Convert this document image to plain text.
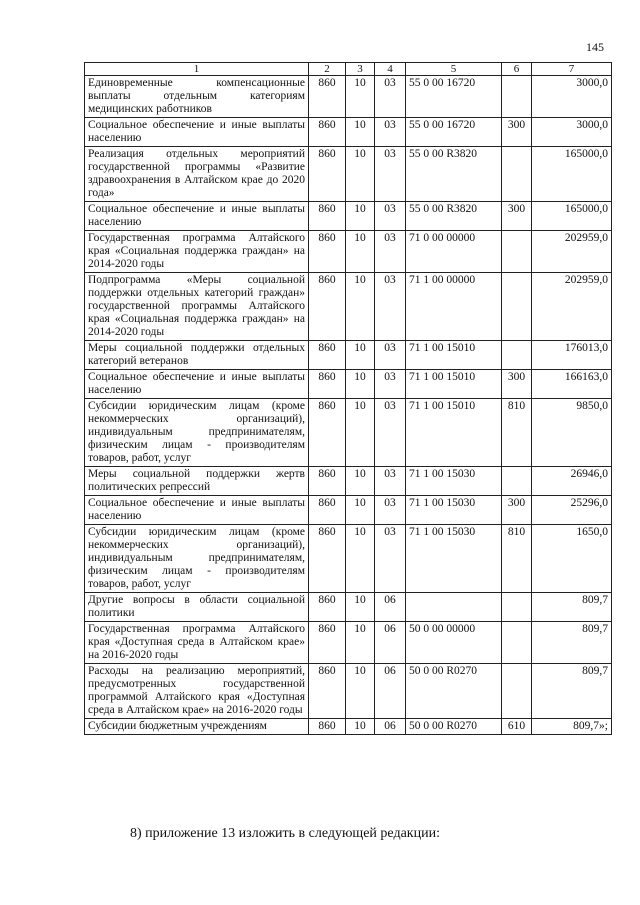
145
1	2	3	4	5	6	7
Единовременные компенсационные выплаты отдельным категориям медицинских работников	860	10	03	55 0 00 16720		3000,0
Социальное обеспечение и иные выплаты населению	860	10	03	55 0 00 16720	300	3000,0
Реализация отдельных мероприятий государственной программы «Развитие здравоохранения в Алтайском крае до 2020 года»	860	10	03	55 0 00 R3820		165000,0
Социальное обеспечение и иные выплаты населению	860	10	03	55 0 00 R3820	300	165000,0
Государственная программа Алтайского края «Социальная поддержка граждан» на 2014-2020 годы	860	10	03	71 0 00 00000		202959,0
Подпрограмма «Меры социальной поддержки отдельных категорий граждан» государственной программы Алтайского края «Социальная поддержка граждан» на 2014-2020 годы	860	10	03	71 1 00 00000		202959,0
Меры социальной поддержки отдельных категорий ветеранов	860	10	03	71 1 00 15010		176013,0
Социальное обеспечение и иные выплаты населению	860	10	03	71 1 00 15010	300	166163,0
Субсидии юридическим лицам (кроме некоммерческих организаций), индивидуальным предпринимателям, физическим лицам - производителям товаров, работ, услуг	860	10	03	71 1 00 15010	810	9850,0
Меры социальной поддержки жертв политических репрессий	860	10	03	71 1 00 15030		26946,0
Социальное обеспечение и иные выплаты населению	860	10	03	71 1 00 15030	300	25296,0
Субсидии юридическим лицам (кроме некоммерческих организаций), индивидуальным предпринимателям, физическим лицам - производителям товаров, работ, услуг	860	10	03	71 1 00 15030	810	1650,0
Другие вопросы в области социальной политики	860	10	06			809,7
Государственная программа Алтайского края «Доступная среда в Алтайском крае» на 2016-2020 годы	860	10	06	50 0 00 00000		809,7
Расходы на реализацию мероприятий, предусмотренных государственной программой Алтайского края «Доступная среда в Алтайском крае» на 2016-2020 годы	860	10	06	50 0 00 R0270		809,7
Субсидии бюджетным учреждениям	860	10	06	50 0 00 R0270	610	809,7»;
8) приложение 13 изложить в следующей редакции:
